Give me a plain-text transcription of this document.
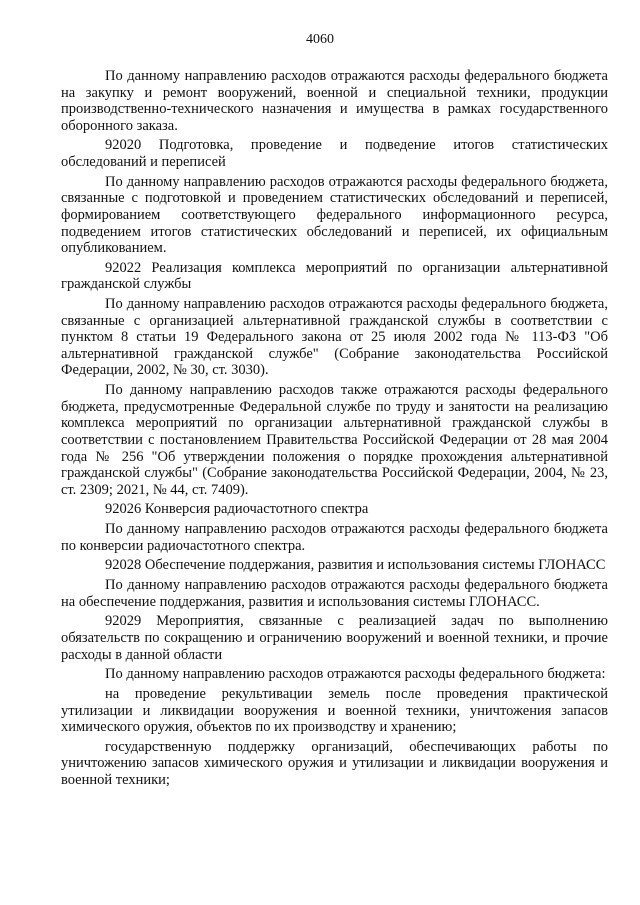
4060

По данному направлению расходов отражаются расходы федерального бюджета на закупку и ремонт вооружений, военной и специальной техники, продукции производственно-технического назначения и имущества в рамках государственного оборонного заказа.

92020 Подготовка, проведение и подведение итогов статистических обследований и переписей

По данному направлению расходов отражаются расходы федерального бюджета, связанные с подготовкой и проведением статистических обследований и переписей, формированием соответствующего федерального информационного ресурса, подведением итогов статистических обследований и переписей, их официальным опубликованием.

92022 Реализация комплекса мероприятий по организации альтернативной гражданской службы

По данному направлению расходов отражаются расходы федерального бюджета, связанные с организацией альтернативной гражданской службы в соответствии с пунктом 8 статьи 19 Федерального закона от 25 июля 2002 года № 113-ФЗ "Об альтернативной гражданской службе" (Собрание законодательства Российской Федерации, 2002, № 30, ст. 3030).

По данному направлению расходов также отражаются расходы федерального бюджета, предусмотренные Федеральной службе по труду и занятости на реализацию комплекса мероприятий по организации альтернативной гражданской службы в соответствии с постановлением Правительства Российской Федерации от 28 мая 2004 года № 256 "Об утверждении положения о порядке прохождения альтернативной гражданской службы" (Собрание законодательства Российской Федерации, 2004, № 23, ст. 2309; 2021, № 44, ст. 7409).

92026 Конверсия радиочастотного спектра

По данному направлению расходов отражаются расходы федерального бюджета по конверсии радиочастотного спектра.

92028 Обеспечение поддержания, развития и использования системы ГЛОНАСС

По данному направлению расходов отражаются расходы федерального бюджета на обеспечение поддержания, развития и использования системы ГЛОНАСС.

92029 Мероприятия, связанные с реализацией задач по выполнению обязательств по сокращению и ограничению вооружений и военной техники, и прочие расходы в данной области

По данному направлению расходов отражаются расходы федерального бюджета:

на проведение рекультивации земель после проведения практической утилизации и ликвидации вооружения и военной техники, уничтожения запасов химического оружия, объектов по их производству и хранению;

государственную поддержку организаций, обеспечивающих работы по уничтожению запасов химического оружия и утилизации и ликвидации вооружения и военной техники;
